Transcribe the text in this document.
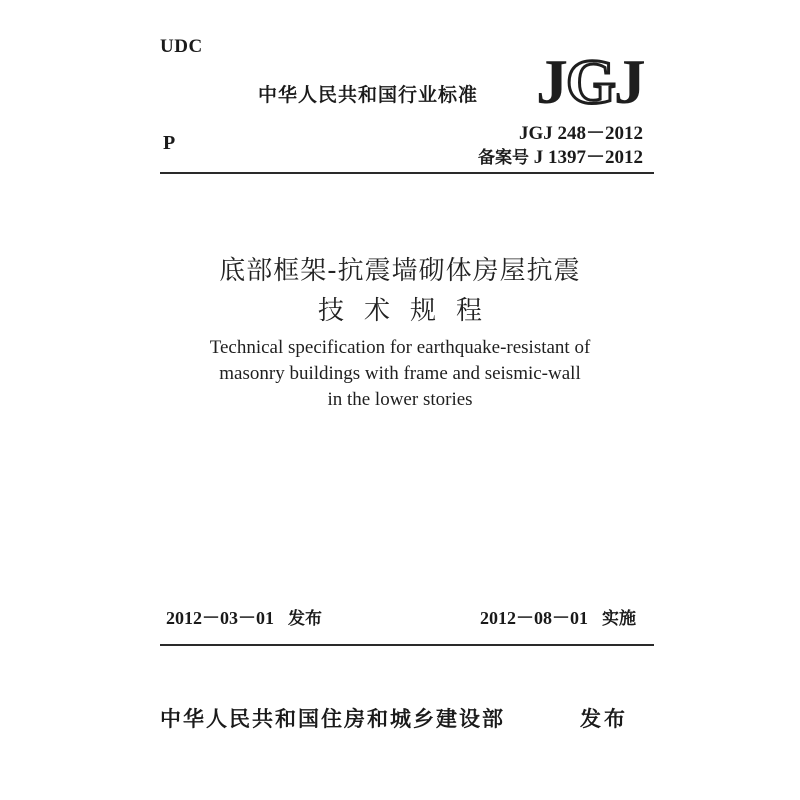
UDC
中华人民共和国行业标准 JGJ
P	JGJ 248－2012
备案号 J 1397－2012
底部框架-抗震墙砌体房屋抗震
技术规程
Technical specification for earthquake-resistant of
masonry buildings with frame and seismic-wall
in the lower stories
2012－03－01 发布	2012－08－01 实施
中华人民共和国住房和城乡建设部	发布
